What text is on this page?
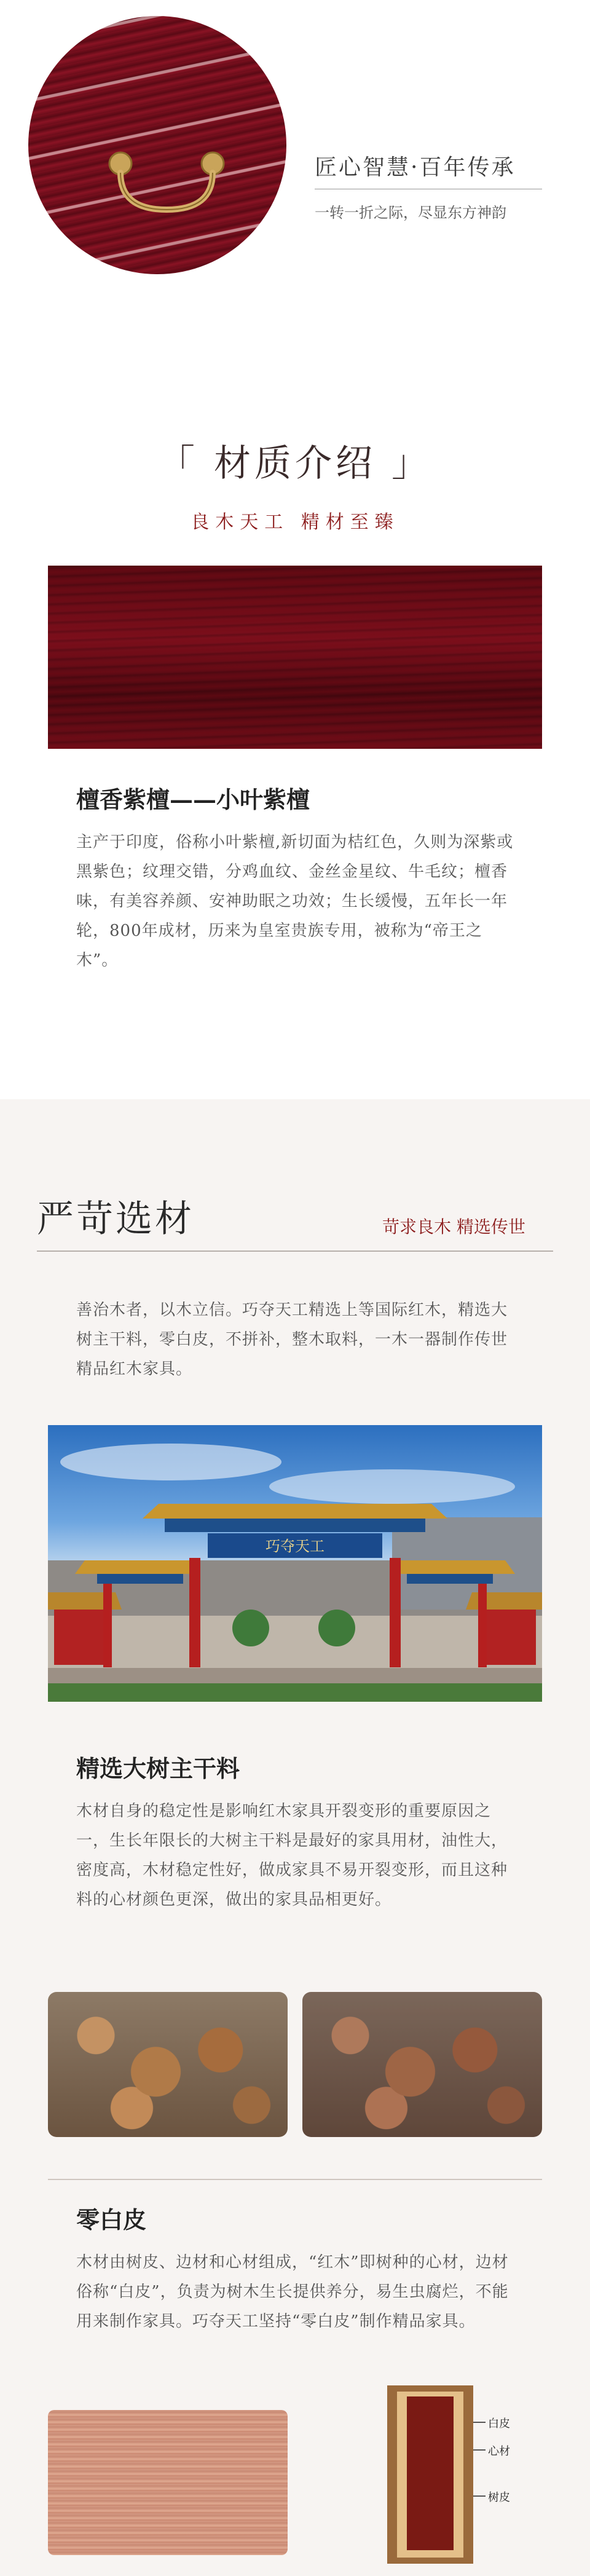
匠心智慧·百年传承
一转一折之际，尽显东方神韵
「 材质介绍 」
良木天工 精材至臻
檀香紫檀——小叶紫檀
主产于印度，俗称小叶紫檀,新切面为桔红色，久则为深紫或黑紫色；纹理交错，分鸡血纹、金丝金星纹、牛毛纹；檀香味，有美容养颜、安神助眠之功效；生长缓慢，五年长一年轮，800年成材，历来为皇室贵族专用，被称为“帝王之木”。
严苛选材	苛求良木 精选传世
善治木者，以木立信。巧夺天工精选上等国际红木，精选大树主干料，零白皮，不拼补，整木取料，一木一器制作传世精品红木家具。
巧夺天工
精选大树主干料
木材自身的稳定性是影响红木家具开裂变形的重要原因之一，生长年限长的大树主干料是最好的家具用材，油性大，密度高，木材稳定性好，做成家具不易开裂变形，而且这种料的心材颜色更深，做出的家具品相更好。
零白皮
木材由树皮、边材和心材组成，“红木”即树种的心材，边材俗称“白皮”，负责为树木生长提供养分，易生虫腐烂，不能用来制作家具。巧夺天工坚持“零白皮”制作精品家具。
白皮
心材
树皮
